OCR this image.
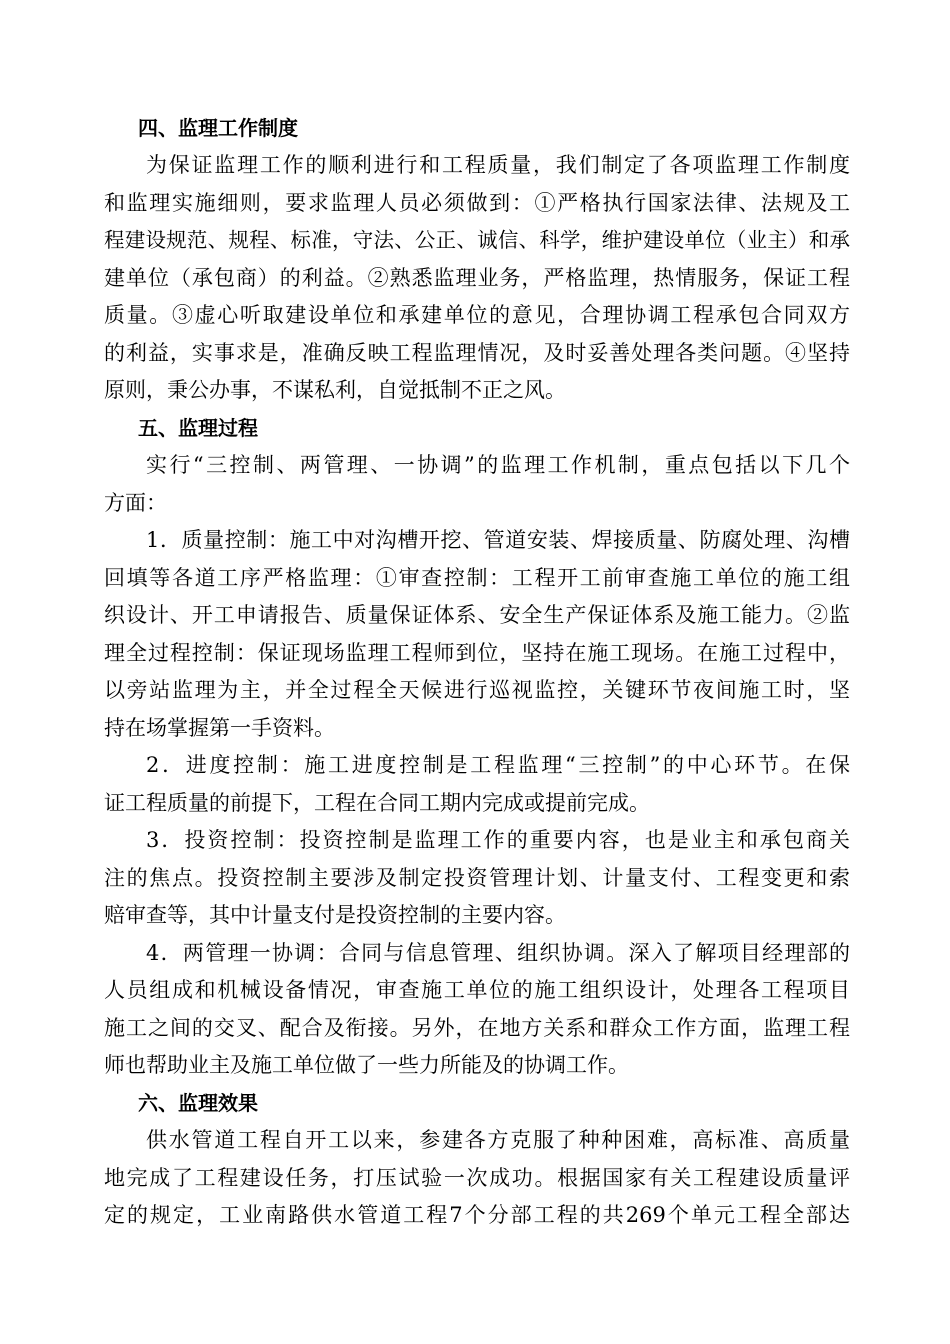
四、监理工作制度
为保证监理工作的顺利进行和工程质量，我们制定了各项监理工作制度
和监理实施细则，要求监理人员必须做到：①严格执行国家法律、法规及工
程建设规范、规程、标准，守法、公正、诚信、科学，维护建设单位（业主）和承
建单位（承包商）的利益。②熟悉监理业务，严格监理，热情服务，保证工程
质量。③虚心听取建设单位和承建单位的意见，合理协调工程承包合同双方
的利益，实事求是，准确反映工程监理情况，及时妥善处理各类问题。④坚持
原则，秉公办事，不谋私利，自觉抵制不正之风。
五、监理过程
实行“三控制、两管理、一协调”的监理工作机制，重点包括以下几个
方面：
1．质量控制：施工中对沟槽开挖、管道安装、焊接质量、防腐处理、沟槽
回填等各道工序严格监理：①审查控制：工程开工前审查施工单位的施工组
织设计、开工申请报告、质量保证体系、安全生产保证体系及施工能力。②监
理全过程控制：保证现场监理工程师到位，坚持在施工现场。在施工过程中，
以旁站监理为主，并全过程全天候进行巡视监控，关键环节夜间施工时，坚
持在场掌握第一手资料。
2．进度控制：施工进度控制是工程监理“三控制”的中心环节。在保
证工程质量的前提下，工程在合同工期内完成或提前完成。
3．投资控制：投资控制是监理工作的重要内容，也是业主和承包商关
注的焦点。投资控制主要涉及制定投资管理计划、计量支付、工程变更和索
赔审查等，其中计量支付是投资控制的主要内容。
4．两管理一协调：合同与信息管理、组织协调。深入了解项目经理部的
人员组成和机械设备情况，审查施工单位的施工组织设计，处理各工程项目
施工之间的交叉、配合及衔接。另外，在地方关系和群众工作方面，监理工程
师也帮助业主及施工单位做了一些力所能及的协调工作。
六、监理效果
供水管道工程自开工以来，参建各方克服了种种困难，高标准、高质量
地完成了工程建设任务，打压试验一次成功。根据国家有关工程建设质量评
定的规定，工业南路供水管道工程7个分部工程的共269个单元工程全部达
